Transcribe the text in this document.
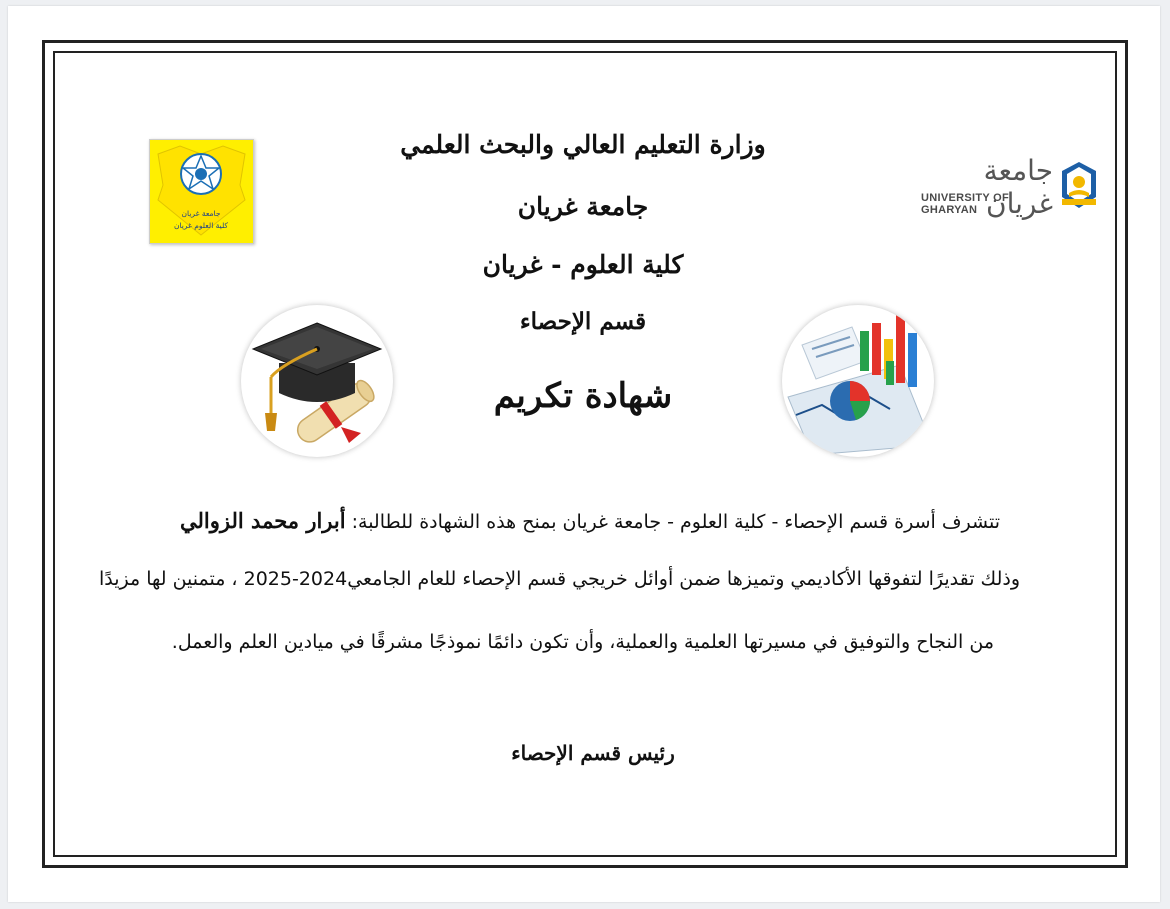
جامعة غريان
كلية العلوم غريان
جامعة غريان
UNIVERSITY OF GHARYAN
وزارة التعليم العالي والبحث العلمي
جامعة غريان
كلية العلوم - غريان
قسم الإحصاء
شهادة تكريم
تتشرف أسرة قسم الإحصاء - كلية العلوم - جامعة غريان بمنح هذه الشهادة للطالبة: أبرار محمد الزوالي
وذلك تقديرًا لتفوقها الأكاديمي وتميزها ضمن أوائل خريجي قسم الإحصاء للعام الجامعي2024-2025 ، متمنين لها مزيدًا
من النجاح والتوفيق في مسيرتها العلمية والعملية، وأن تكون دائمًا نموذجًا مشرقًا في ميادين العلم والعمل.
رئيس قسم الإحصاء
